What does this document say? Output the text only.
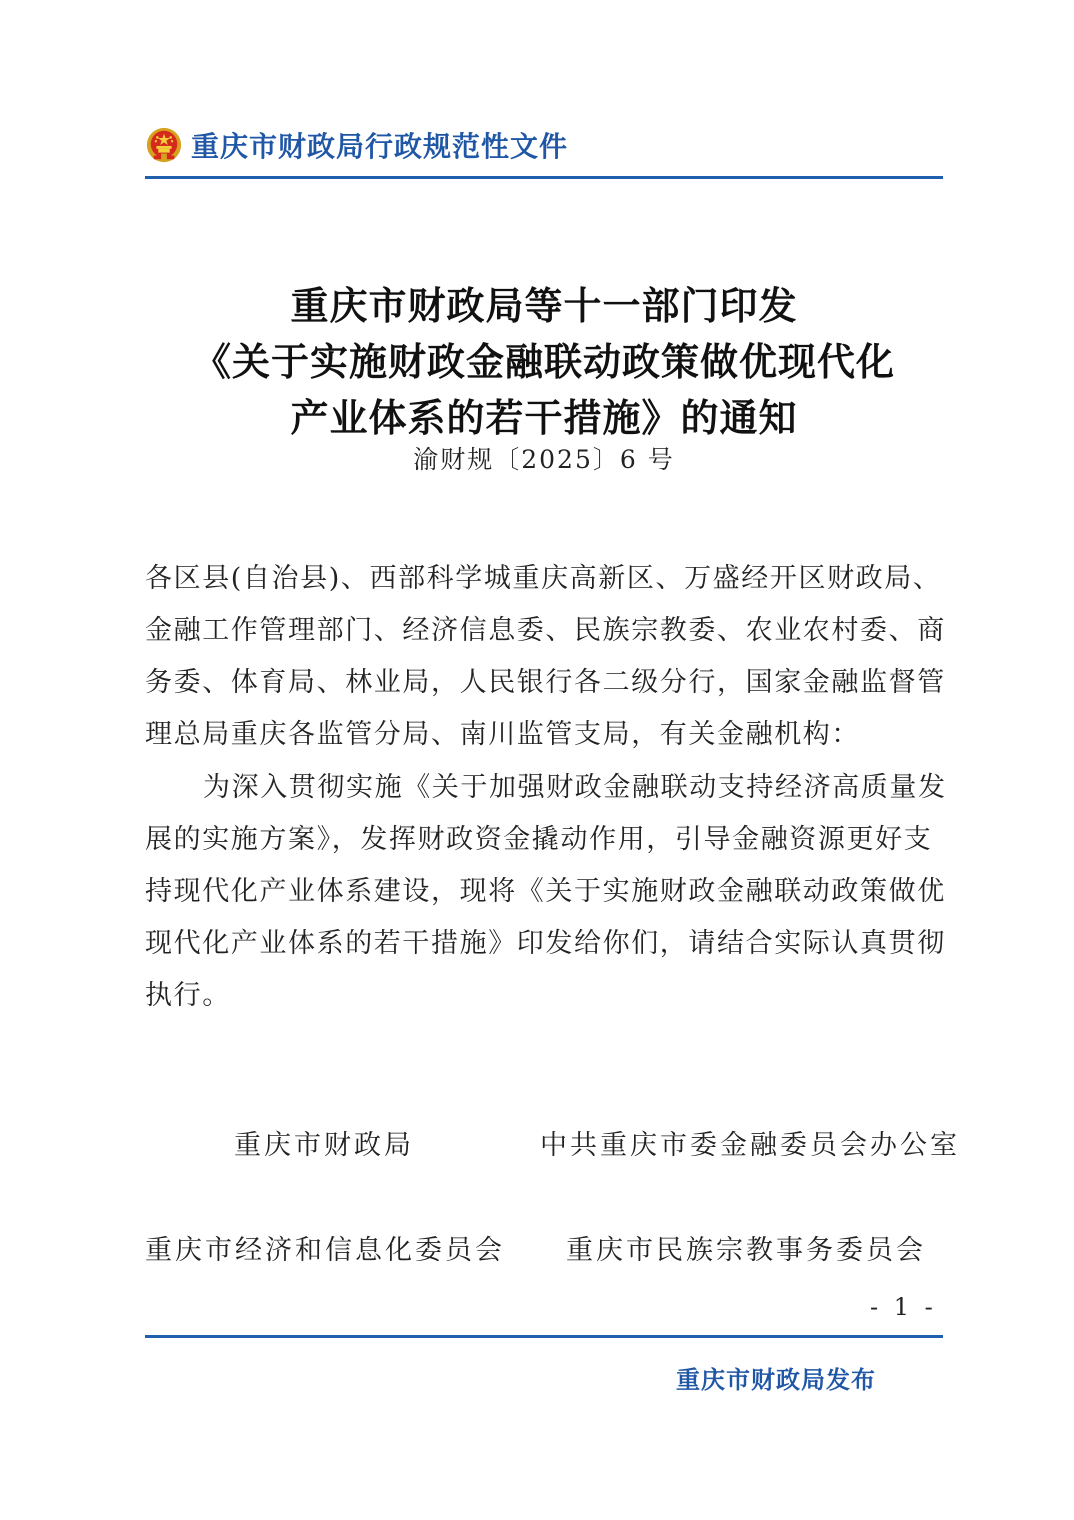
重庆市财政局行政规范性文件
重庆市财政局等十一部门印发
《关于实施财政金融联动政策做优现代化
产业体系的若干措施》的通知
渝财规〔2025〕6 号
各区县(自治县)、西部科学城重庆高新区、万盛经开区财政局、
金融工作管理部门、经济信息委、民族宗教委、农业农村委、商
务委、体育局、林业局，人民银行各二级分行，国家金融监督管
理总局重庆各监管分局、南川监管支局，有关金融机构：
为深入贯彻实施《关于加强财政金融联动支持经济高质量发
展的实施方案》，发挥财政资金撬动作用，引导金融资源更好支
持现代化产业体系建设，现将《关于实施财政金融联动政策做优
现代化产业体系的若干措施》印发给你们，请结合实际认真贯彻
执行。
重庆市财政局	中共重庆市委金融委员会办公室
重庆市经济和信息化委员会 重庆市民族宗教事务委员会
- 1 -
重庆市财政局发布
